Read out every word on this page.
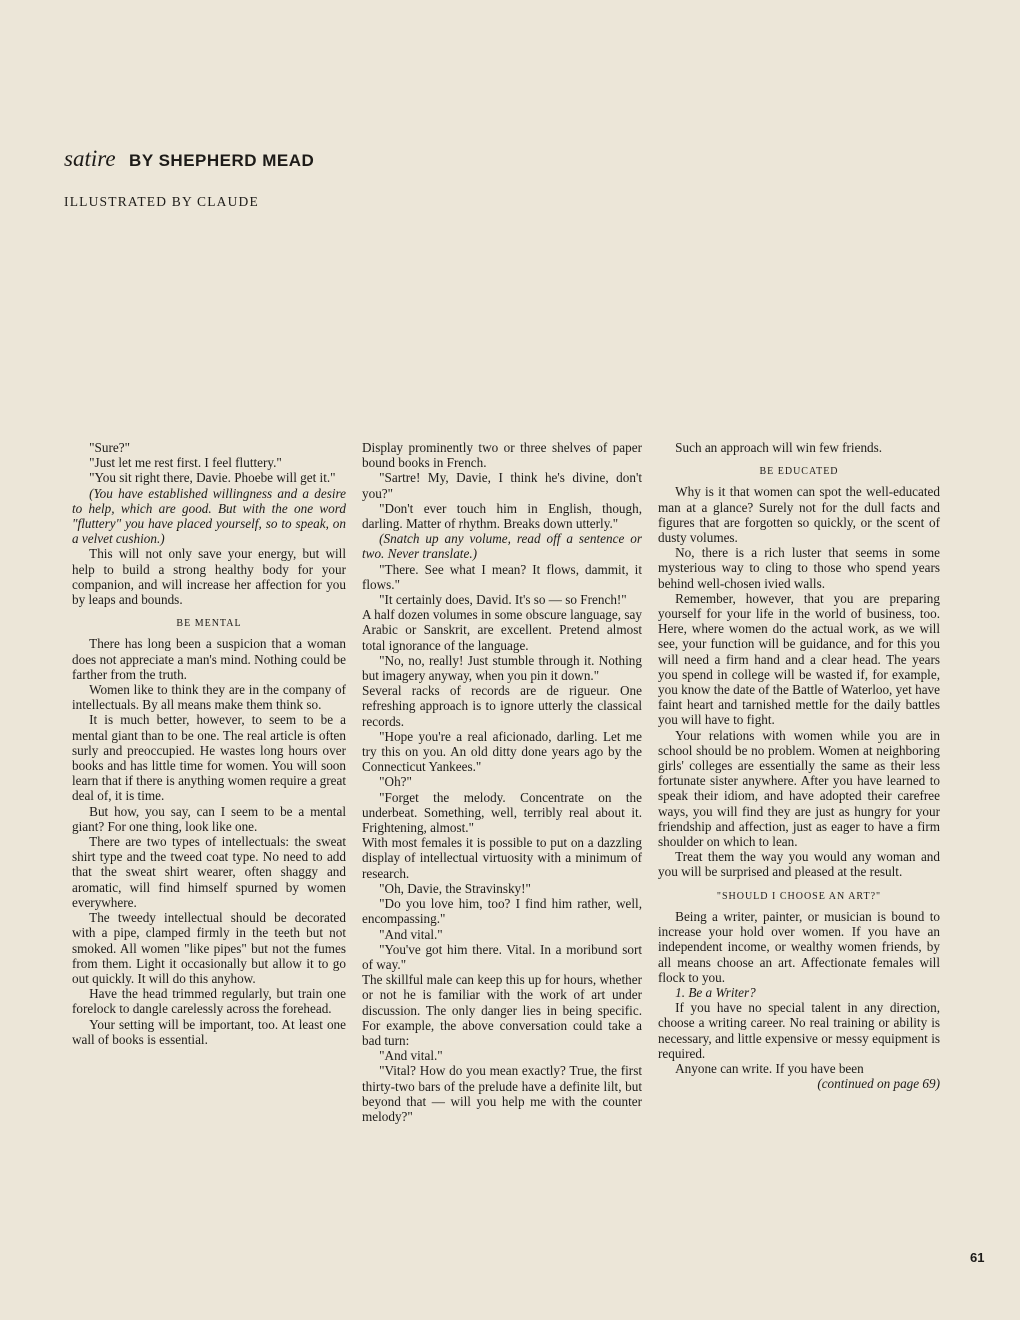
satire BY SHEPHERD MEAD
ILLUSTRATED BY CLAUDE

"Sure?"

"Just let me rest first. I feel fluttery."

"You sit right there, Davie. Phoebe will get it."

(You have established willingness and a desire to help, which are good. But with the one word "fluttery" you have placed yourself, so to speak, on a velvet cushion.)

This will not only save your energy, but will help to build a strong healthy body for your companion, and will increase her affection for you by leaps and bounds.

BE MENTAL

There has long been a suspicion that a woman does not appreciate a man's mind. Nothing could be farther from the truth.

Women like to think they are in the company of intellectuals. By all means make them think so.

It is much better, however, to seem to be a mental giant than to be one. The real article is often surly and preoccupied. He wastes long hours over books and has little time for women. You will soon learn that if there is anything women require a great deal of, it is time.

But how, you say, can I seem to be a mental giant? For one thing, look like one.

There are two types of intellectuals: the sweat shirt type and the tweed coat type. No need to add that the sweat shirt wearer, often shaggy and aromatic, will find himself spurned by women everywhere.

The tweedy intellectual should be decorated with a pipe, clamped firmly in the teeth but not smoked. All women "like pipes" but not the fumes from them. Light it occasionally but allow it to go out quickly. It will do this anyhow.

Have the head trimmed regularly, but train one forelock to dangle carelessly across the forehead.

Your setting will be important, too. At least one wall of books is essential.

Display prominently two or three shelves of paper bound books in French.

"Sartre! My, Davie, I think he's divine, don't you?"

"Don't ever touch him in English, though, darling. Matter of rhythm. Breaks down utterly."

(Snatch up any volume, read off a sentence or two. Never translate.)

"There. See what I mean? It flows, dammit, it flows."

"It certainly does, David. It's so — so French!"

A half dozen volumes in some obscure language, say Arabic or Sanskrit, are excellent. Pretend almost total ignorance of the language.

"No, no, really! Just stumble through it. Nothing but imagery anyway, when you pin it down."

Several racks of records are de rigueur. One refreshing approach is to ignore utterly the classical records.

"Hope you're a real aficionado, darling. Let me try this on you. An old ditty done years ago by the Connecticut Yankees."

"Oh?"

"Forget the melody. Concentrate on the underbeat. Something, well, terribly real about it. Frightening, almost."

With most females it is possible to put on a dazzling display of intellectual virtuosity with a minimum of research.

"Oh, Davie, the Stravinsky!"

"Do you love him, too? I find him rather, well, encompassing."

"And vital."

"You've got him there. Vital. In a moribund sort of way."

The skillful male can keep this up for hours, whether or not he is familiar with the work of art under discussion. The only danger lies in being specific. For example, the above conversation could take a bad turn:

"And vital."

"Vital? How do you mean exactly? True, the first thirty-two bars of the prelude have a definite lilt, but beyond that — will you help me with the counter melody?"

Such an approach will win few friends.

BE EDUCATED

Why is it that women can spot the well-educated man at a glance? Surely not for the dull facts and figures that are forgotten so quickly, or the scent of dusty volumes.

No, there is a rich luster that seems in some mysterious way to cling to those who spend years behind well-chosen ivied walls.

Remember, however, that you are preparing yourself for your life in the world of business, too. Here, where women do the actual work, as we will see, your function will be guidance, and for this you will need a firm hand and a clear head. The years you spend in college will be wasted if, for example, you know the date of the Battle of Waterloo, yet have faint heart and tarnished mettle for the daily battles you will have to fight.

Your relations with women while you are in school should be no problem. Women at neighboring girls' colleges are essentially the same as their less fortunate sister anywhere. After you have learned to speak their idiom, and have adopted their carefree ways, you will find they are just as hungry for your friendship and affection, just as eager to have a firm shoulder on which to lean.

Treat them the way you would any woman and you will be surprised and pleased at the result.

"SHOULD I CHOOSE AN ART?"

Being a writer, painter, or musician is bound to increase your hold over women. If you have an independent income, or wealthy women friends, by all means choose an art. Affectionate females will flock to you.

1. Be a Writer?

If you have no special talent in any direction, choose a writing career. No real training or ability is necessary, and little expensive or messy equipment is required.

Anyone can write. If you have been

(continued on page 69)

61
